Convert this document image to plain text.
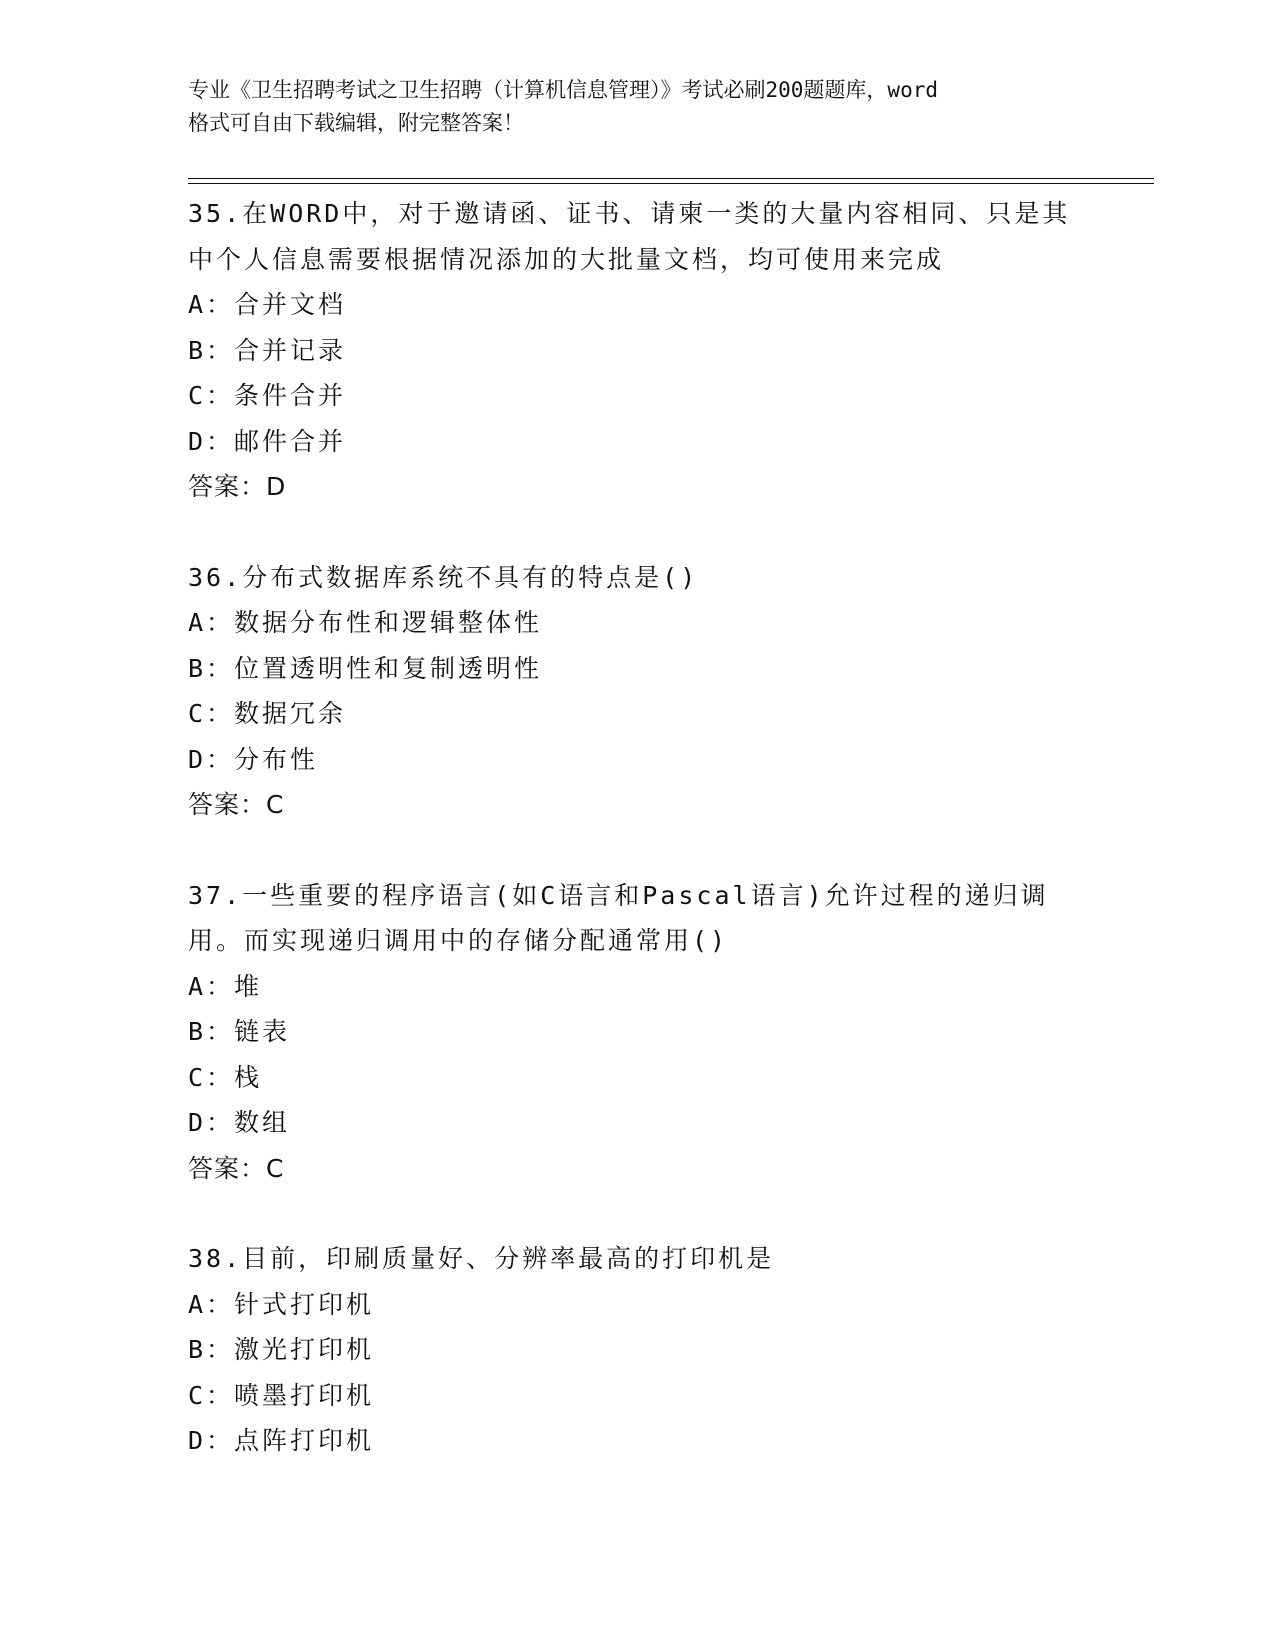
专业《卫生招聘考试之卫生招聘（计算机信息管理）》考试必刷200题题库，word
格式可自由下载编辑，附完整答案！
35.在WORD中，对于邀请函、证书、请柬一类的大量内容相同、只是其中个人信息需要根据情况添加的大批量文档，均可使用来完成
A：合并文档
B：合并记录
C：条件合并
D：邮件合并
答案：D
36.分布式数据库系统不具有的特点是()
A：数据分布性和逻辑整体性
B：位置透明性和复制透明性
C：数据冗余
D：分布性
答案：C
37.一些重要的程序语言(如C语言和Pascal语言)允许过程的递归调用。而实现递归调用中的存储分配通常用()
A：堆
B：链表
C：栈
D：数组
答案：C
38.目前，印刷质量好、分辨率最高的打印机是
A：针式打印机
B：激光打印机
C：喷墨打印机
D：点阵打印机
